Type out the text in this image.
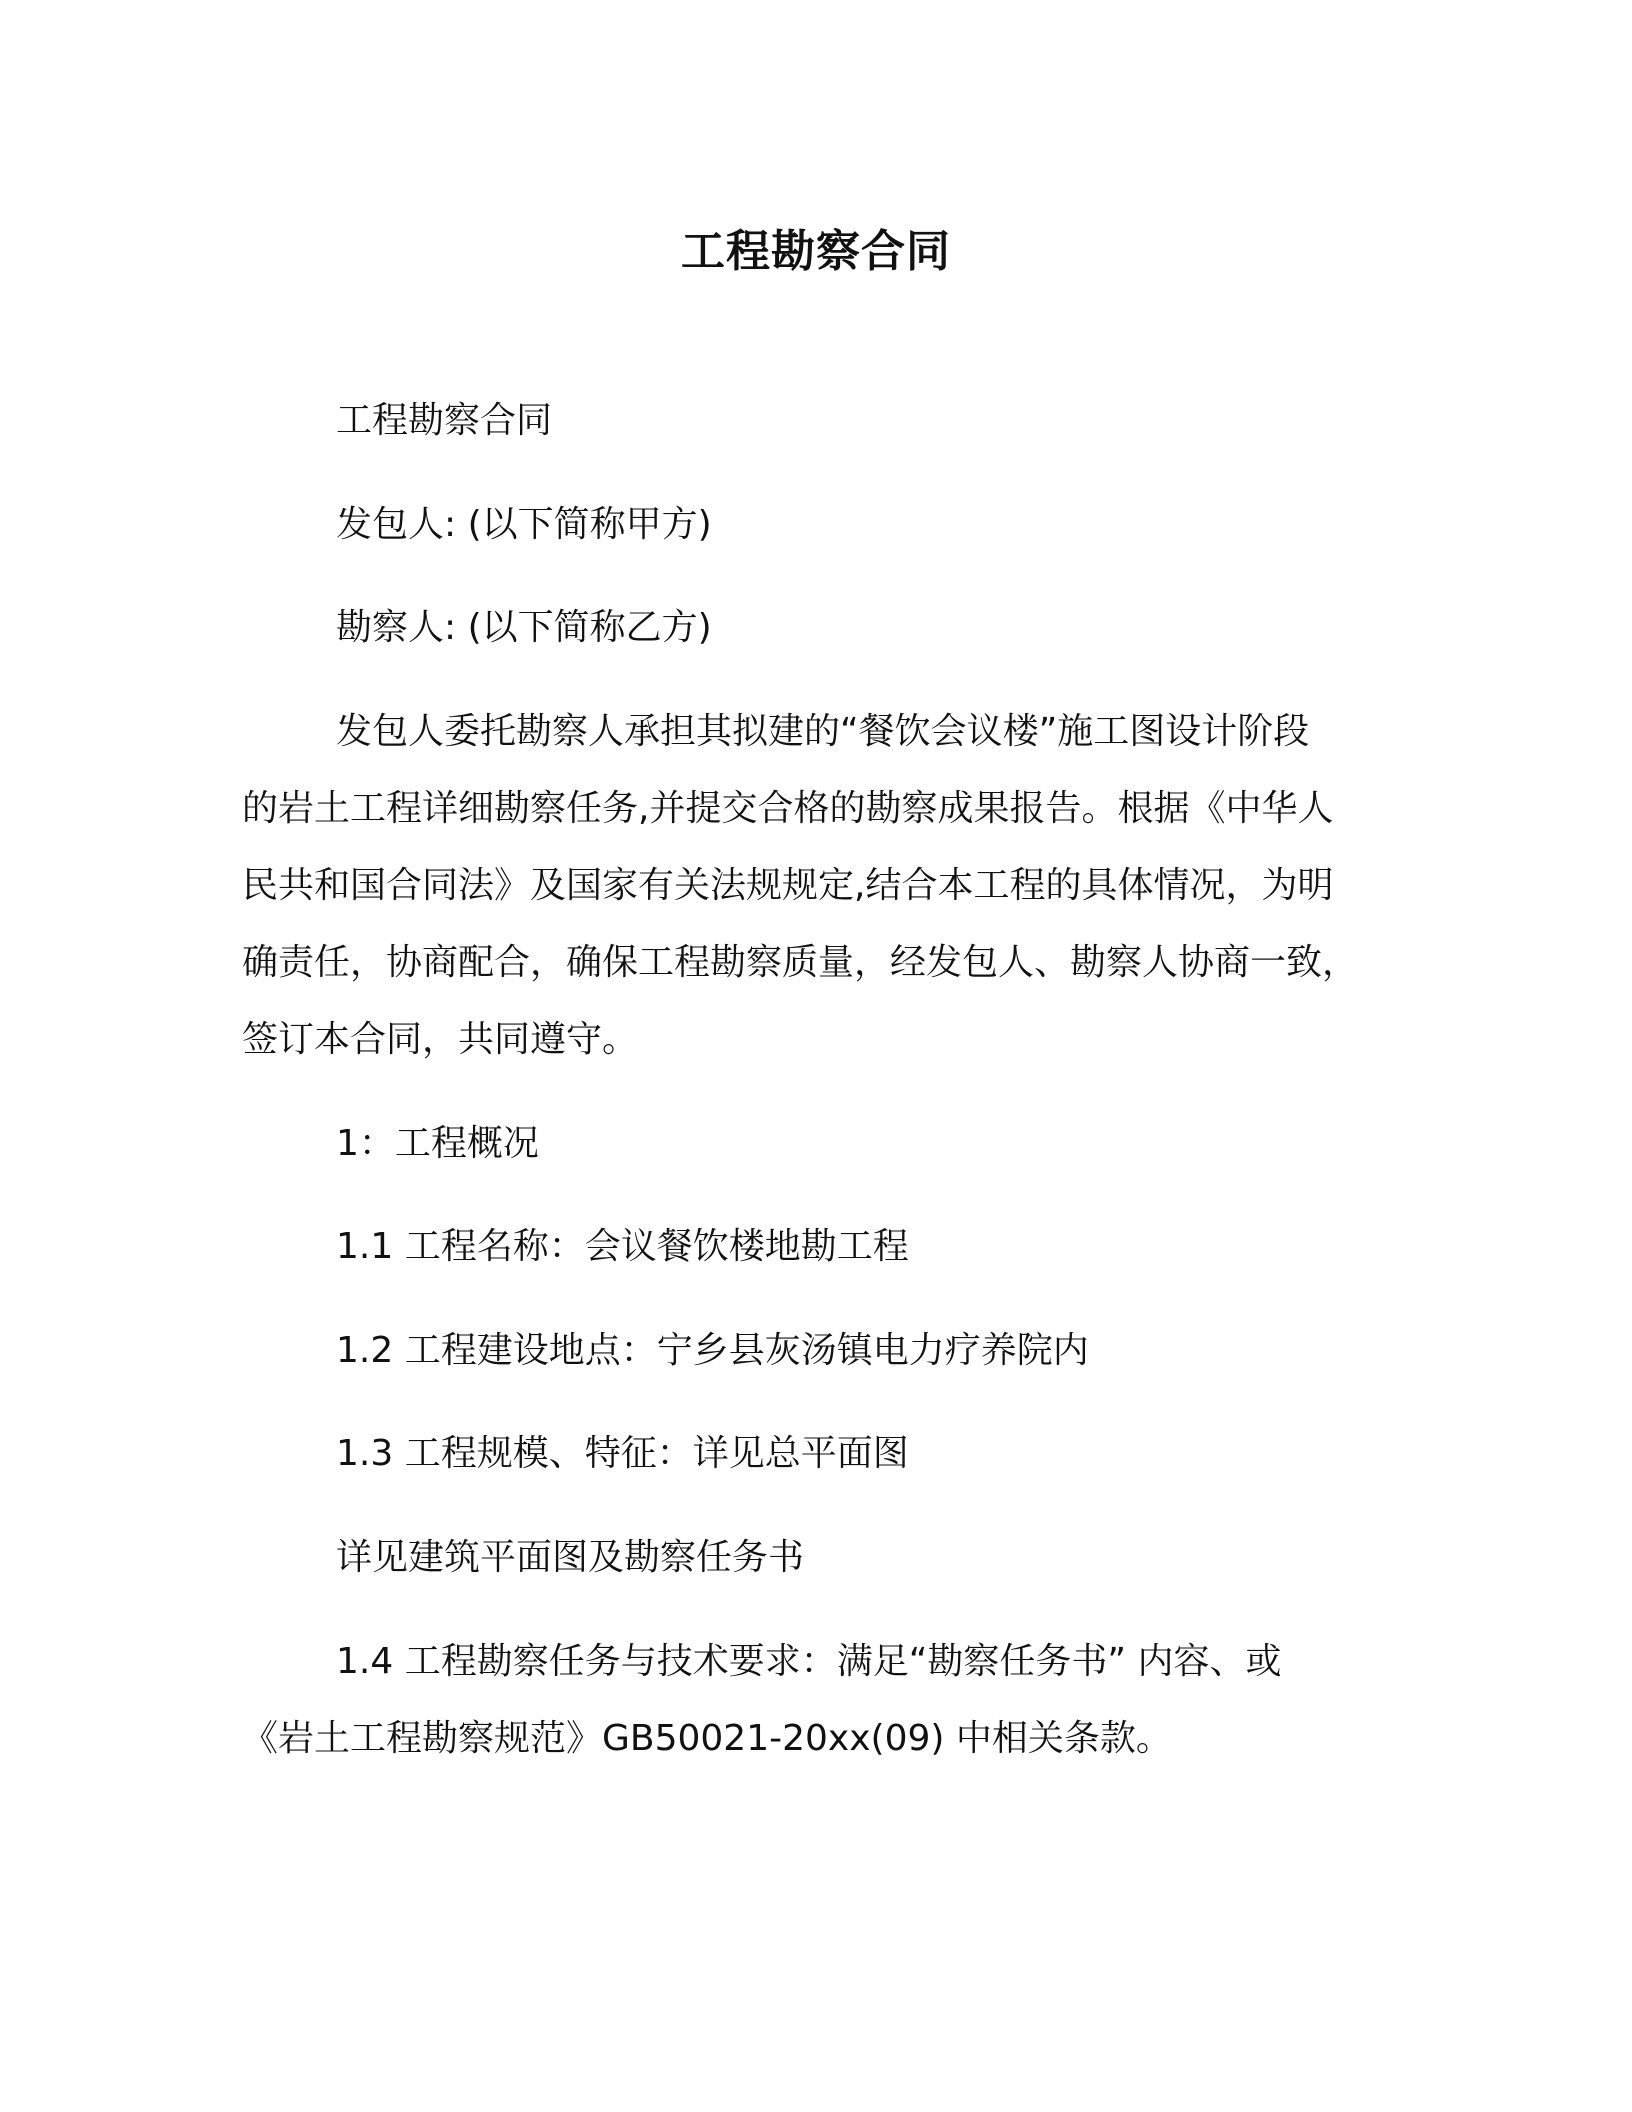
工程勘察合同
工程勘察合同
发包人: (以下简称甲方)
勘察人: (以下简称乙方)
发包人委托勘察人承担其拟建的“餐饮会议楼”施工图设计阶段
的岩土工程详细勘察任务,并提交合格的勘察成果报告。根据《中华人
民共和国合同法》及国家有关法规规定,结合本工程的具体情况，为明
确责任，协商配合，确保工程勘察质量，经发包人、勘察人协商一致，
签订本合同，共同遵守。
1：工程概况
1.1 工程名称：会议餐饮楼地勘工程
1.2 工程建设地点：宁乡县灰汤镇电力疗养院内
1.3 工程规模、特征：详见总平面图
详见建筑平面图及勘察任务书
1.4 工程勘察任务与技术要求：满足“勘察任务书” 内容、或
《岩土工程勘察规范》GB50021-20xx(09) 中相关条款。
